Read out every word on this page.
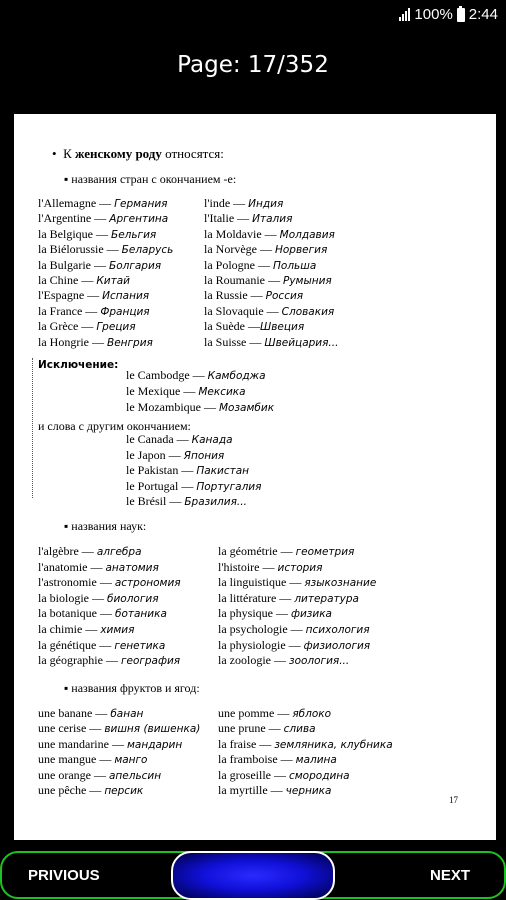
100% 2:44
Page: 17/352
• К женскому роду относятся:
▪ названия стран с окончанием -e:
l'Allemagne — Германия
l'Argentine — Аргентина
la Belgique — Бельгия
la Biélorussie — Беларусь
la Bulgarie — Болгария
la Chine — Китай
l'Espagne — Испания
la France — Франция
la Grèce — Греция
la Hongrie — Венгрия
l'inde — Индия
l'Italie — Италия
la Moldavie — Молдавия
la Norvège — Норвегия
la Pologne — Польша
la Roumanie — Румыния
la Russie — Россия
la Slovaquie — Словакия
la Suède —Швеция
la Suisse — Швейцария...
Исключение:
le Cambodge — Камбоджа
le Mexique — Мексика
le Mozambique — Мозамбик
и слова с другим окончанием:
le Canada — Канада
le Japon — Япония
le Pakistan — Пакистан
le Portugal — Португалия
le Brésil — Бразилия...
▪ названия наук:
l'algèbre — алгебра
l'anatomie — анатомия
l'astronomie — астрономия
la biologie — биология
la botanique — ботаника
la chimie — химия
la génétique — генетика
la géographie — география
la géométrie — геометрия
l'histoire — история
la linguistique — языкознание
la littérature — литература
la physique — физика
la psychologie — психология
la physiologie — физиология
la zoologie — зоология...
▪ названия фруктов и ягод:
une banane — банан
une cerise — вишня (вишенка)
une mandarine — мандарин
une mangue — манго
une orange — апельсин
une pêche — персик
une pomme — яблоко
une prune — слива
la fraise — земляника, клубника
la framboise — малина
la groseille — смородина
la myrtille — черника
17
PRIVIOUS	NEXT
